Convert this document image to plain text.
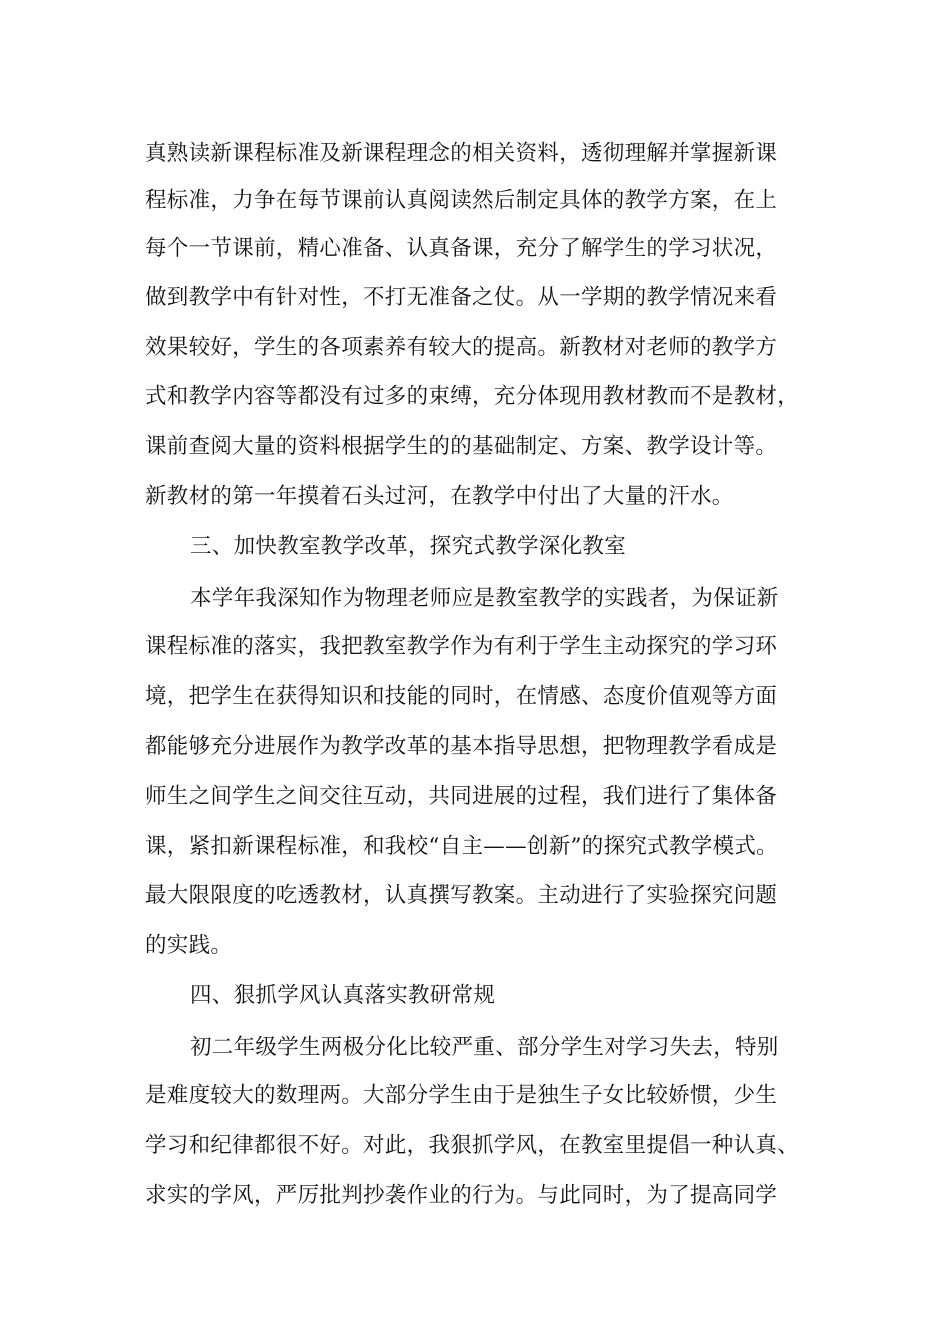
真熟读新课程标准及新课程理念的相关资料，透彻理解并掌握新课
程标准，力争在每节课前认真阅读然后制定具体的教学方案，在上
每个一节课前，精心准备、认真备课，充分了解学生的学习状况，
做到教学中有针对性，不打无准备之仗。从一学期的教学情况来看
效果较好，学生的各项素养有较大的提高。新教材对老师的教学方
式和教学内容等都没有过多的束缚，充分体现用教材教而不是教材，
课前查阅大量的资料根据学生的的基础制定、方案、教学设计等。
新教材的第一年摸着石头过河，在教学中付出了大量的汗水。
三、加快教室教学改革，探究式教学深化教室
本学年我深知作为物理老师应是教室教学的实践者，为保证新
课程标准的落实，我把教室教学作为有利于学生主动探究的学习环
境，把学生在获得知识和技能的同时，在情感、态度价值观等方面
都能够充分进展作为教学改革的基本指导思想，把物理教学看成是
师生之间学生之间交往互动，共同进展的过程，我们进行了集体备
课，紧扣新课程标准，和我校“自主——创新”的探究式教学模式。
最大限限度的吃透教材，认真撰写教案。主动进行了实验探究问题
的实践。
四、狠抓学风认真落实教研常规
初二年级学生两极分化比较严重、部分学生对学习失去，特别
是难度较大的数理两。大部分学生由于是独生子女比较娇惯，少生
学习和纪律都很不好。对此，我狠抓学风，在教室里提倡一种认真、
求实的学风，严厉批判抄袭作业的行为。与此同时，为了提高同学
